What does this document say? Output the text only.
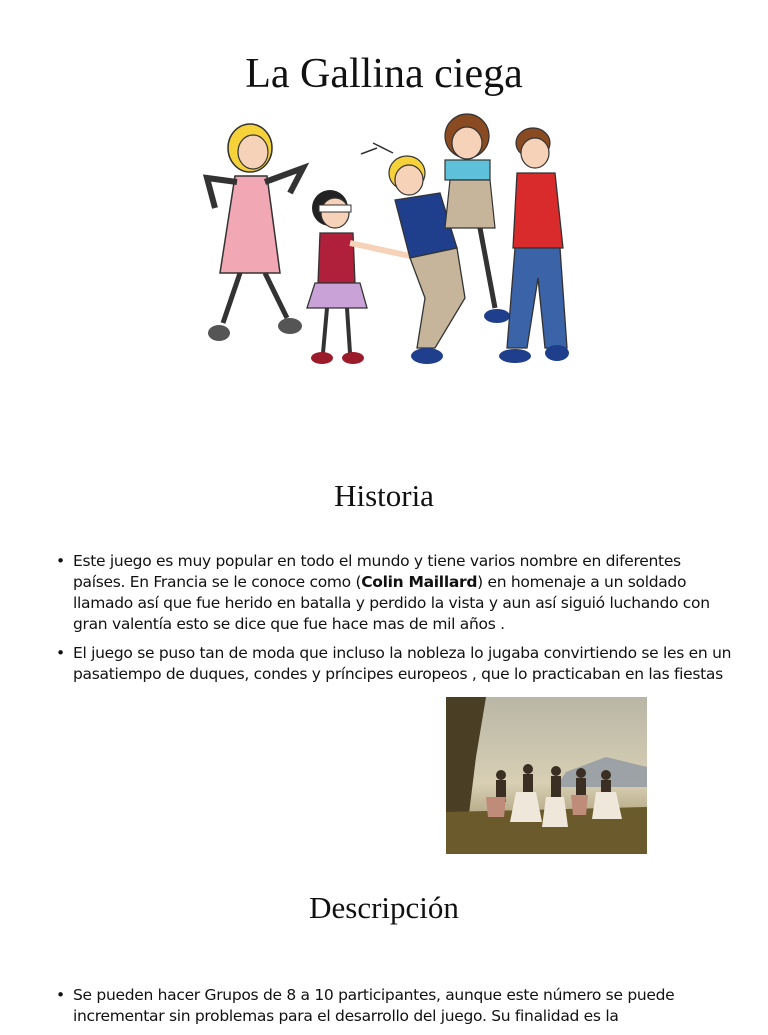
La Gallina ciega
Historia
• Este juego es muy popular en todo el mundo y tiene varios nombre en diferentes países. En Francia se le conoce como (Colin Maillard) en homenaje a un soldado llamado así que fue herido en batalla y perdido la vista y aun así siguió luchando con gran valentía esto se dice que fue hace mas de mil años .
• El juego se puso tan de moda que incluso la nobleza lo jugaba convirtiendo se les en un pasatiempo de duques, condes y príncipes europeos , que lo practicaban en las fiestas
Descripción
• Se pueden hacer Grupos de 8 a 10 participantes, aunque este número se puede incrementar sin problemas para el desarrollo del juego. Su finalidad es la
